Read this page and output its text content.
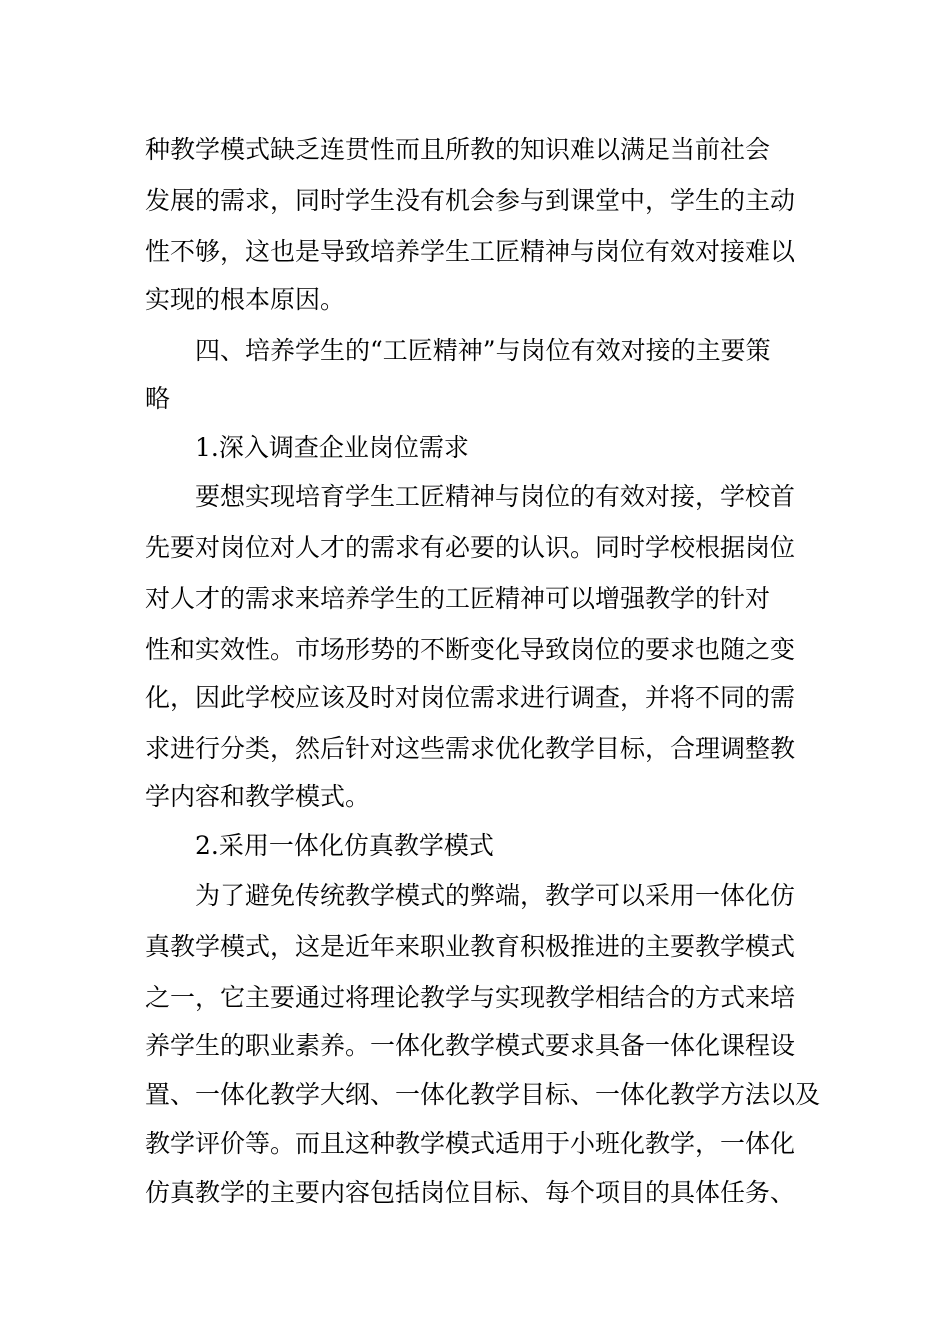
种教学模式缺乏连贯性而且所教的知识难以满足当前社会

发展的需求，同时学生没有机会参与到课堂中，学生的主动

性不够，这也是导致培养学生工匠精神与岗位有效对接难以

实现的根本原因。

四、培养学生的“工匠精神”与岗位有效对接的主要策

略

1.深入调查企业岗位需求

要想实现培育学生工匠精神与岗位的有效对接，学校首

先要对岗位对人才的需求有必要的认识。同时学校根据岗位

对人才的需求来培养学生的工匠精神可以增强教学的针对

性和实效性。市场形势的不断变化导致岗位的要求也随之变

化，因此学校应该及时对岗位需求进行调查，并将不同的需

求进行分类，然后针对这些需求优化教学目标，合理调整教

学内容和教学模式。

2.采用一体化仿真教学模式

为了避免传统教学模式的弊端，教学可以采用一体化仿

真教学模式，这是近年来职业教育积极推进的主要教学模式

之一，它主要通过将理论教学与实现教学相结合的方式来培

养学生的职业素养。一体化教学模式要求具备一体化课程设

置、一体化教学大纲、一体化教学目标、一体化教学方法以及

教学评价等。而且这种教学模式适用于小班化教学，一体化

仿真教学的主要内容包括岗位目标、每个项目的具体任务、
